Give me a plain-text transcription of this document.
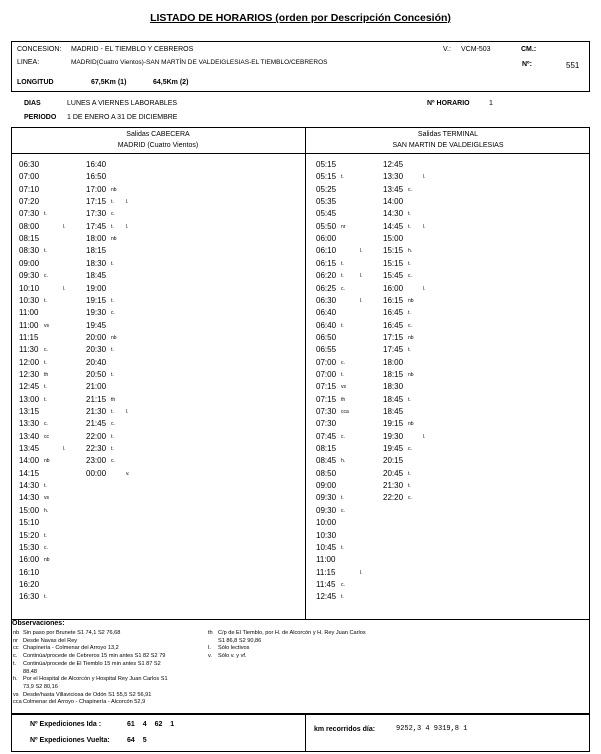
LISTADO DE HORARIOS (orden por Descripción Concesión)
CONCESION: MADRID - EL TIEMBLO Y CEBREROS	V.: VCM-503	CM.:
LINEA:	MADRID(Cuatro Vientos)-SAN MARTÍN DE VALDEIGLESIAS-EL TIEMBLO/CEBREROS	Nº:	551
LONGITUD	67,5Km (1)	64,5Km (2)
DIAS	LUNES A VIERNES LABORABLES	Nº HORARIO	1
PERIODO 1 DE ENERO A 31 DE DICIEMBRE
Salidas CABECERA
MADRID (Cuatro Vientos)
Salidas TERMINAL
SAN MARTIN DE VALDEIGLESIAS
06:30	16:40
07:00	16:50
07:10	17:00 nb
07:20	17:15 t. l.
07:30 t.	17:30 c.
08:00	l.	17:45 t. l.
08:15	18:00 nb
08:30 t.	18:15
09:00	18:30 t.
09:30 c.	18:45
10:10	l.	19:00
10:30 t.	19:15 t.
11:00	19:30 c.
11:00 vs	19:45
11:15	20:00 nb
11:30 c.	20:30 t.
12:00 t.	20:40
12:30 th	20:50 t.
12:45 t.	21:00
13:00 t.	21:15 th
13:15	21:30 t. l.
13:30 c.	21:45 c.
13:40 cc	22:00 t.
13:45	l.	22:30 t.
14:00 nb	23:00 c.
14:15	00:00	v.
14:30 t.
14:30 vs
15:00 h.
15:10
15:20 t.
15:30 c.
16:00 nb
16:10
16:20
16:30 t.
05:15	12:45
05:15 t.	13:30	l.
05:25	13:45 c.
05:35	14:00
05:45	14:30 t.
05:50 nr	14:45 t. l.
06:00	15:00
06:10	l.	15:15 h.
06:15 t.	15:15 t.
06:20 t.	l.	15:45 c.
06:25 c.	16:00	l.
06:30	l.	16:15 nb
06:40	16:45 t.
06:40 t.	16:45 c.
06:50	17:15 nb
06:55	17:45 t.
07:00 c.	18:00
07:00 t.	18:15 nb
07:15 vs	18:30
07:15 th	18:45 t.
07:30 cca	18:45
07:30	19:15 nb
07:45 c.	19:30	l.
08:15	19:45 c.
08:45 h.	20:15
08:50	20:45 t.
09:00	21:30 t.
09:30 t.	22:20 c.
09:30 c.
10:00
10:30
10:45 t.
11:00
11:15	l.
11:45 c.
12:45 t.
Observaciones:
nb Sin paso por Brunete S1 74,1 S2 76,68
nr Desde Navas del Rey
cc Chapinería - Colmenar del Arroyo 13,2
c. Continúa/procede de Cebreros 15 min antes S1 82 S2 79
t. Continúa/procede de El Tiemblo 15 min antes S1 87 S2
88,48
h. Por el Hospital de Alcorcón y Hospital Rey Juan Carlos S1
73,9 S2 80,16
vs Desde/hasta Villaviciosa de Odón S1 55,5 S2 56,91
cca Colmenar del Arroyo - Chapinería - Alcorcón 52,9
th C/p de El Tiemblo, por H. de Alcorcón y H. Rey Juan Carlos
S1 86,8 S2 90,86
l. Sólo lectivos
v. Sólo v. y vf.
Nº Expediciones Ida :	61 4 62 1
Nº Expediciones Vuelta: 64 5
km recorridos día:	9252,3 4 9319,8 1
